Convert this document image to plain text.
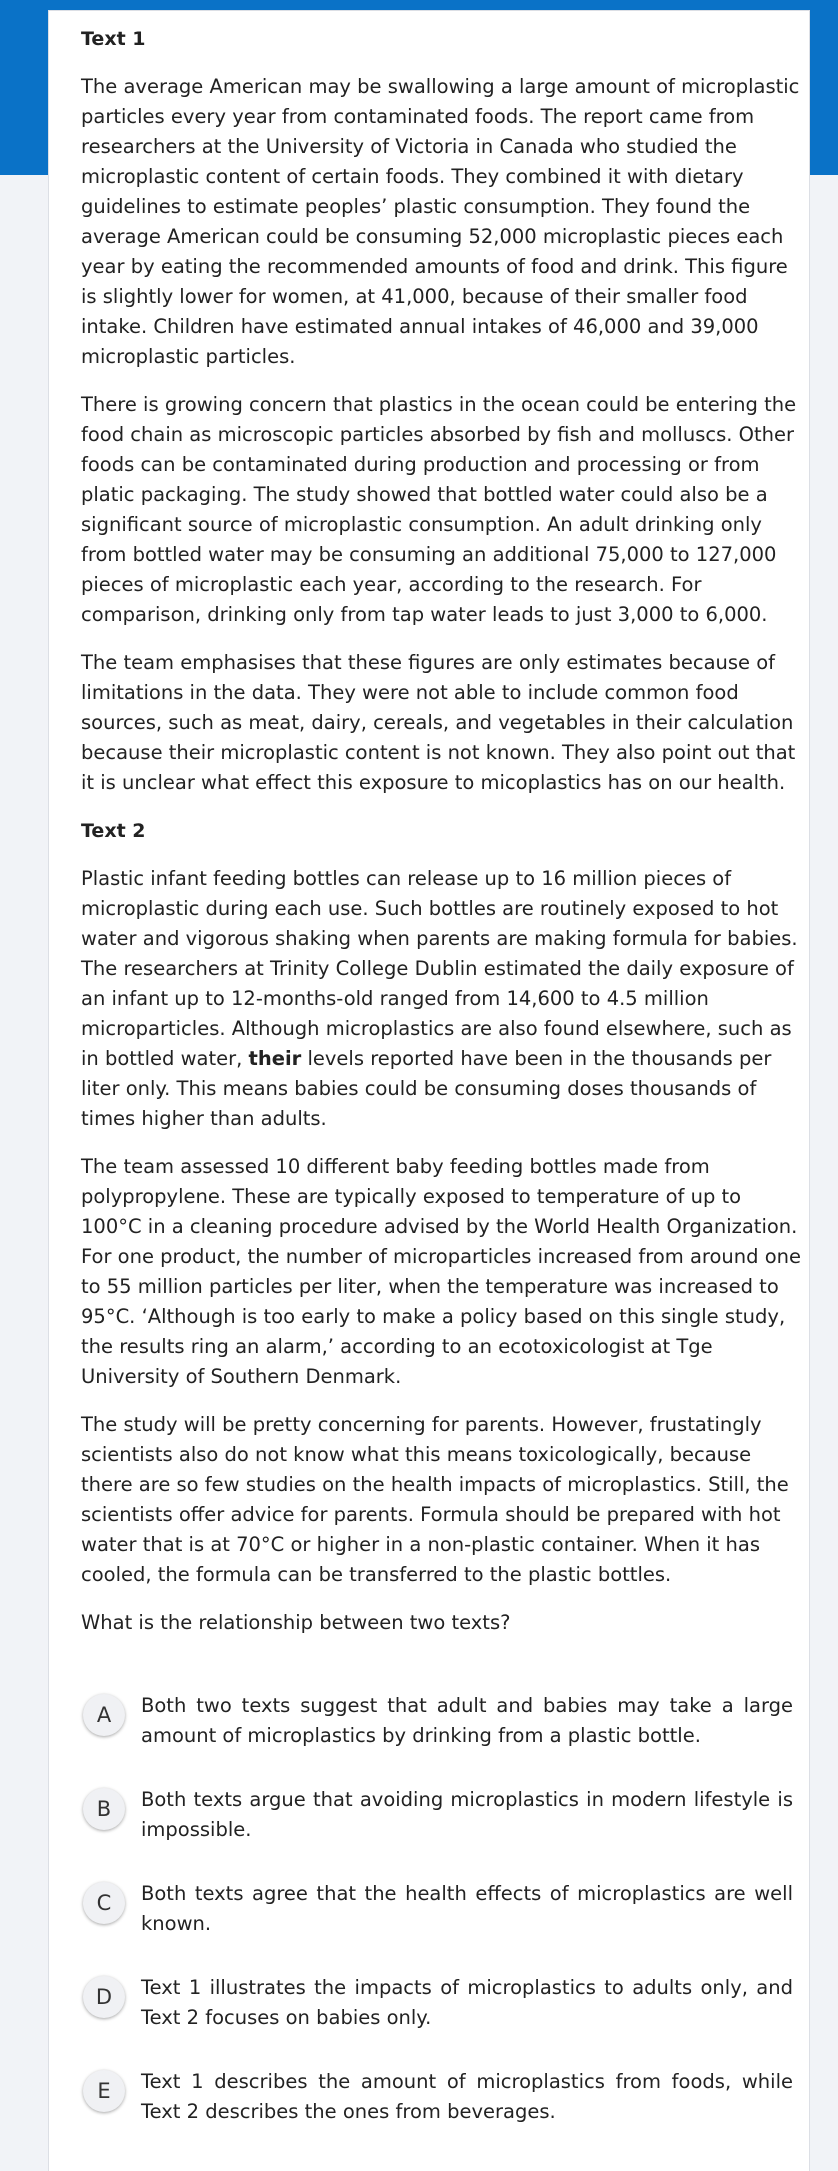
Text 1

The average American may be swallowing a large amount of microplastic particles every year from contaminated foods. The report came from researchers at the University of Victoria in Canada who studied the microplastic content of certain foods. They combined it with dietary guidelines to estimate peoples’ plastic consumption. They found the average American could be consuming 52,000 microplastic pieces each year by eating the recommended amounts of food and drink. This figure is slightly lower for women, at 41,000, because of their smaller food intake. Children have estimated annual intakes of 46,000 and 39,000 microplastic particles.

There is growing concern that plastics in the ocean could be entering the food chain as microscopic particles absorbed by fish and molluscs. Other foods can be contaminated during production and processing or from platic packaging. The study showed that bottled water could also be a significant source of microplastic consumption. An adult drinking only from bottled water may be consuming an additional 75,000 to 127,000 pieces of microplastic each year, according to the research. For comparison, drinking only from tap water leads to just 3,000 to 6,000.

The team emphasises that these figures are only estimates because of limitations in the data. They were not able to include common food sources, such as meat, dairy, cereals, and vegetables in their calculation because their microplastic content is not known. They also point out that it is unclear what effect this exposure to micoplastics has on our health.

Text 2

Plastic infant feeding bottles can release up to 16 million pieces of microplastic during each use. Such bottles are routinely exposed to hot water and vigorous shaking when parents are making formula for babies. The researchers at Trinity College Dublin estimated the daily exposure of an infant up to 12-months-old ranged from 14,600 to 4.5 million microparticles. Although microplastics are also found elsewhere, such as in bottled water, their levels reported have been in the thousands per liter only. This means babies could be consuming doses thousands of times higher than adults.

The team assessed 10 different baby feeding bottles made from polypropylene. These are typically exposed to temperature of up to 100°C in a cleaning procedure advised by the World Health Organization. For one product, the number of microparticles increased from around one to 55 million particles per liter, when the temperature was increased to 95°C. ‘Although is too early to make a policy based on this single study, the results ring an alarm,’ according to an ecotoxicologist at Tge University of Southern Denmark.

The study will be pretty concerning for parents. However, frustatingly scientists also do not know what this means toxicologically, because there are so few studies on the health impacts of microplastics. Still, the scientists offer advice for parents. Formula should be prepared with hot water that is at 70°C or higher in a non-plastic container. When it has cooled, the formula can be transferred to the plastic bottles.

What is the relationship between two texts?

A	Both two texts suggest that adult and babies may take a large amount of microplastics by drinking from a plastic bottle.
B	Both texts argue that avoiding microplastics in modern lifestyle is impossible.
C	Both texts agree that the health effects of microplastics are well known.
D	Text 1 illustrates the impacts of microplastics to adults only, and Text 2 focuses on babies only.
E	Text 1 describes the amount of microplastics from foods, while Text 2 describes the ones from beverages.
